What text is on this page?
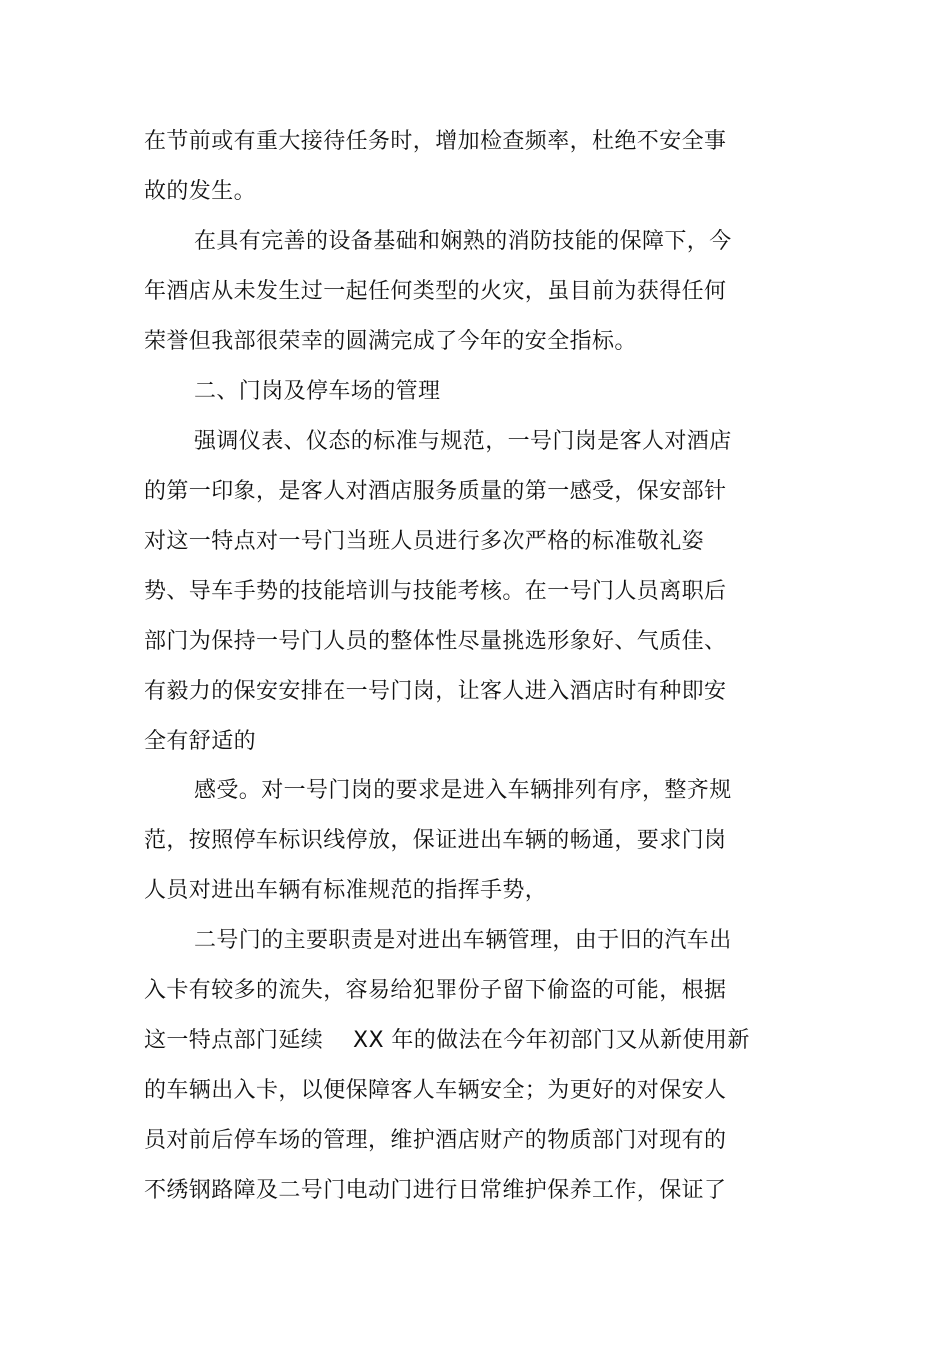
在节前或有重大接待任务时，增加检查频率，杜绝不安全事
故的发生。
在具有完善的设备基础和娴熟的消防技能的保障下，今
年酒店从未发生过一起任何类型的火灾，虽目前为获得任何
荣誉但我部很荣幸的圆满完成了今年的安全指标。
二、门岗及停车场的管理
强调仪表、仪态的标准与规范，一号门岗是客人对酒店
的第一印象，是客人对酒店服务质量的第一感受，保安部针
对这一特点对一号门当班人员进行多次严格的标准敬礼姿
势、导车手势的技能培训与技能考核。在一号门人员离职后
部门为保持一号门人员的整体性尽量挑选形象好、气质佳、
有毅力的保安安排在一号门岗，让客人进入酒店时有种即安
全有舒适的
感受。对一号门岗的要求是进入车辆排列有序，整齐规
范，按照停车标识线停放，保证进出车辆的畅通，要求门岗
人员对进出车辆有标准规范的指挥手势，
二号门的主要职责是对进出车辆管理，由于旧的汽车出
入卡有较多的流失，容易给犯罪份子留下偷盗的可能，根据
这一特点部门延续　 XX 年的做法在今年初部门又从新使用新
的车辆出入卡，以便保障客人车辆安全；为更好的对保安人
员对前后停车场的管理，维护酒店财产的物质部门对现有的
不绣钢路障及二号门电动门进行日常维护保养工作，保证了
